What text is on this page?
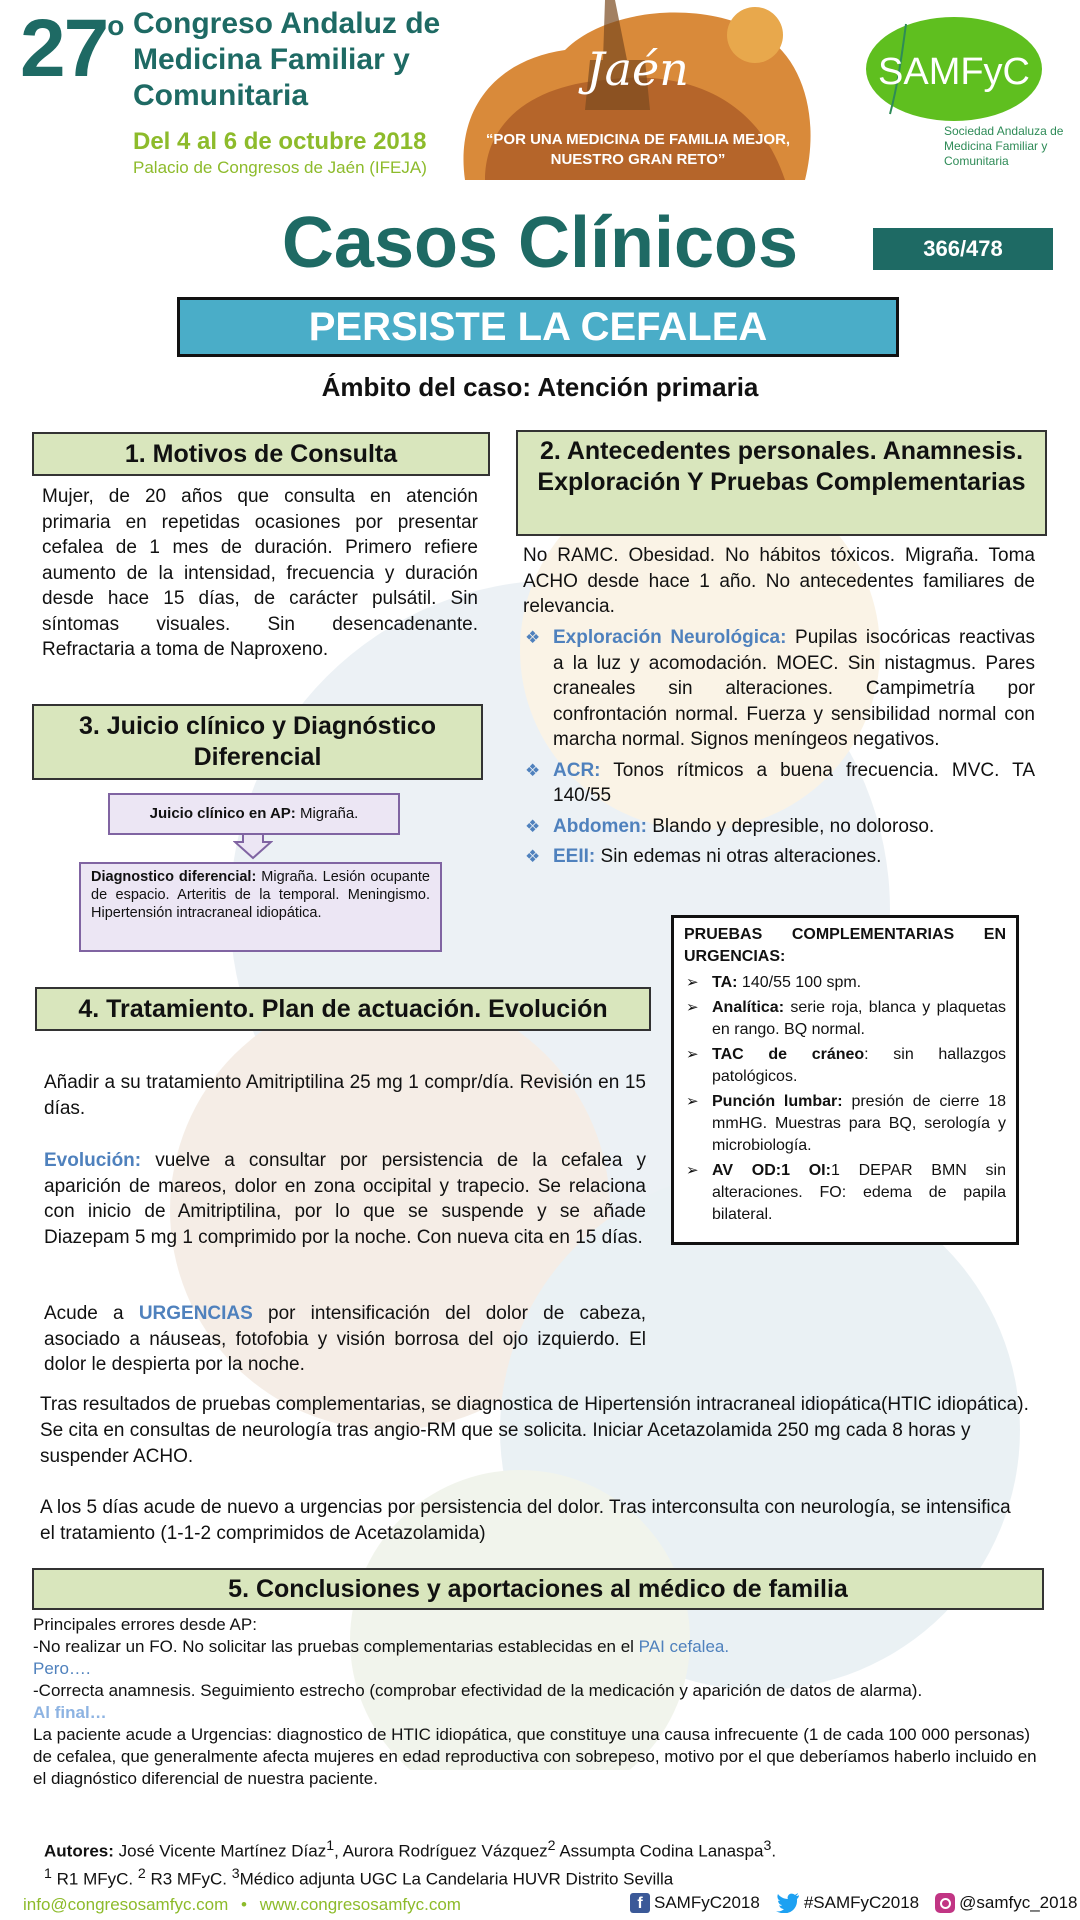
27$^o$ Congreso Andaluz de Medicina Familiar y Comunitaria
Del 4 al 6 de octubre 2018
Palacio de Congresos de Jaén (IFEJA)
Jaén
“POR UNA MEDICINA DE FAMILIA MEJOR, NUESTRO GRAN RETO”
SAMFyC
Sociedad Andaluza de Medicina Familiar y Comunitaria
Casos Clínicos	366/478
PERSISTE LA CEFALEA
Ámbito del caso: Atención primaria
1. Motivos de Consulta
Mujer, de 20 años que consulta en atención primaria en repetidas ocasiones por presentar cefalea de 1 mes de duración. Primero refiere aumento de la intensidad, frecuencia y duración desde hace 15 días, de carácter pulsátil. Sin síntomas visuales. Sin desencadenante. Refractaria a toma de Naproxeno.
2. Antecedentes personales. Anamnesis. Exploración Y Pruebas Complementarias
No RAMC. Obesidad. No hábitos tóxicos. Migraña. Toma ACHO desde hace 1 año. No antecedentes familiares de relevancia.
❖ Exploración Neurológica: Pupilas isocóricas reactivas a la luz y acomodación. MOEC. Sin nistagmus. Pares craneales sin alteraciones. Campimetría por confrontación normal. Fuerza y sensibilidad normal con marcha normal. Signos meníngeos negativos.
❖ ACR: Tonos rítmicos a buena frecuencia. MVC. TA 140/55
❖ Abdomen: Blando y depresible, no doloroso.
❖ EEII: Sin edemas ni otras alteraciones.
PRUEBAS COMPLEMENTARIAS EN URGENCIAS:
➢ TA: 140/55 100 spm.
➢ Analítica: serie roja, blanca y plaquetas en rango. BQ normal.
➢ TAC de cráneo: sin hallazgos patológicos.
➢ Punción lumbar: presión de cierre 18 mmHG. Muestras para BQ, serología y microbiología.
➢ AV OD:1 OI:1 DEPAR BMN sin alteraciones. FO: edema de papila bilateral.
3. Juicio clínico y Diagnóstico Diferencial
Juicio clínico en AP: Migraña.
Diagnostico diferencial: Migraña. Lesión ocupante de espacio. Arteritis de la temporal. Meningismo. Hipertensión intracraneal idiopática.
4. Tratamiento. Plan de actuación. Evolución
Añadir a su tratamiento Amitriptilina 25 mg 1 compr/día. Revisión en 15 días.
Evolución: vuelve a consultar por persistencia de la cefalea y aparición de mareos, dolor en zona occipital y trapecio. Se relaciona con inicio de Amitriptilina, por lo que se suspende y se añade Diazepam 5 mg 1 comprimido por la noche. Con nueva cita en 15 días.
Acude a URGENCIAS por intensificación del dolor de cabeza, asociado a náuseas, fotofobia y visión borrosa del ojo izquierdo. El dolor le despierta por la noche.
Tras resultados de pruebas complementarias, se diagnostica de Hipertensión intracraneal idiopática(HTIC idiopática). Se cita en consultas de neurología tras angio-RM que se solicita. Iniciar Acetazolamida 250 mg cada 8 horas y suspender ACHO.
A los 5 días acude de nuevo a urgencias por persistencia del dolor. Tras interconsulta con neurología, se intensifica el tratamiento (1-1-2 comprimidos de Acetazolamida)
5. Conclusiones y aportaciones al médico de familia
Principales errores desde AP:
-No realizar un FO. No solicitar las pruebas complementarias establecidas en el PAI cefalea.
Pero….
-Correcta anamnesis. Seguimiento estrecho (comprobar efectividad de la medicación y aparición de datos de alarma).
Al final…
La paciente acude a Urgencias: diagnostico de HTIC idiopática, que constituye una causa infrecuente (1 de cada 100 000 personas) de cefalea, que generalmente afecta mujeres en edad reproductiva con sobrepeso, motivo por el que deberíamos haberlo incluido en el diagnóstico diferencial de nuestra paciente.
Autores: José Vicente Martínez Díaz$^1$, Aurora Rodríguez Vázquez$^2$ Assumpta Codina Lanaspa$^3$.
$^1$ R1 MFyC. $^2$ R3 MFyC. $^3$Médico adjunta UGC La Candelaria HUVR Distrito Sevilla
info@congresosamfyc.com • www.congresosamfyc.com	f SAMFyC2018	#SAMFyC2018 @samfyc_2018
